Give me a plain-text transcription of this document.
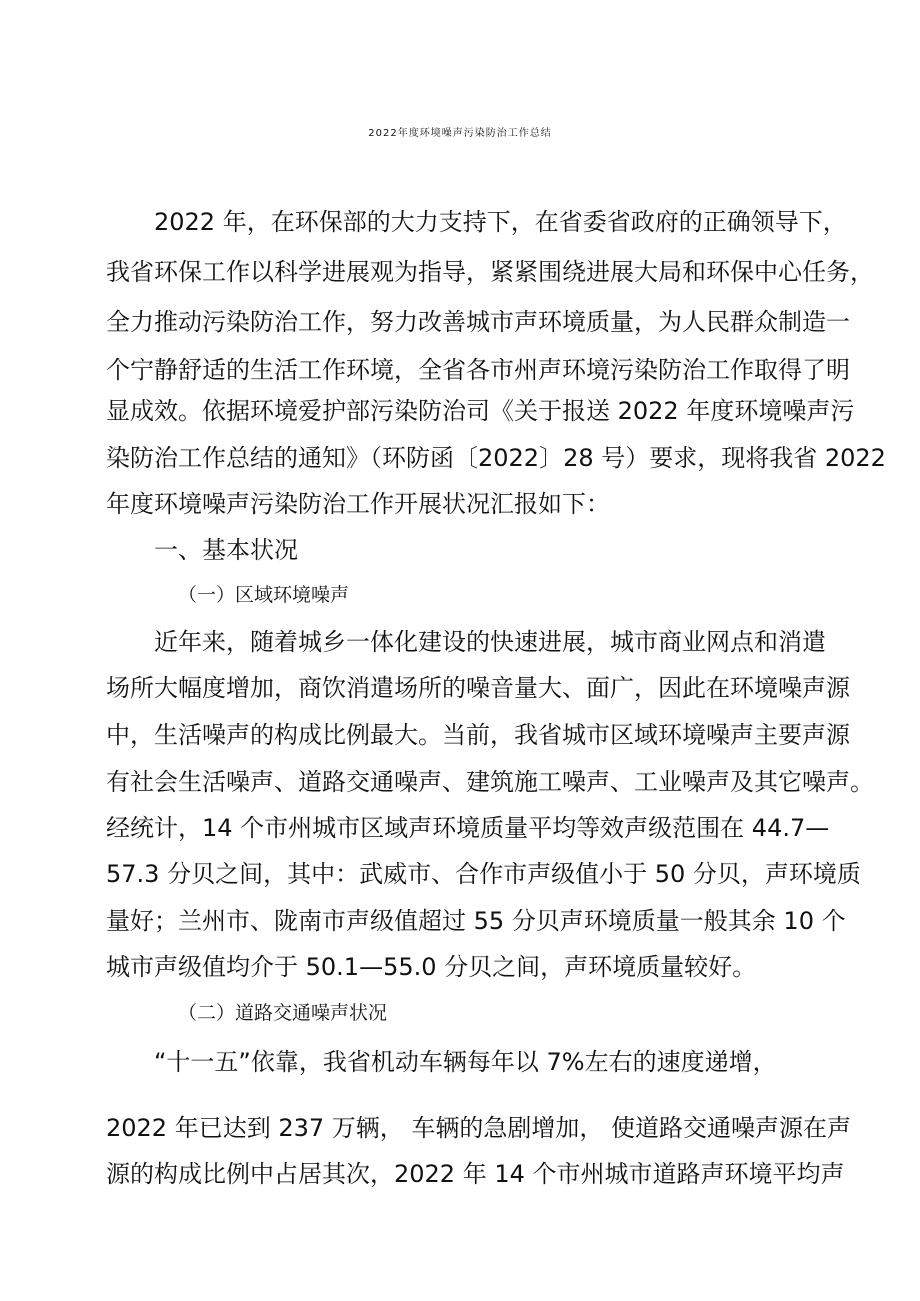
2022年度环境噪声污染防治工作总结
2022 年，在环保部的大力支持下，在省委省政府的正确领导下，
我省环保工作以科学进展观为指导，紧紧围绕进展大局和环保中心任务，
全力推动污染防治工作，努力改善城市声环境质量，为人民群众制造一
个宁静舒适的生活工作环境，全省各市州声环境污染防治工作取得了明
显成效。依据环境爱护部污染防治司《关于报送 2022 年度环境噪声污
染防治工作总结的通知》（环防函〔2022〕28 号）要求，现将我省 2022
年度环境噪声污染防治工作开展状况汇报如下：
一、基本状况
（一）区域环境噪声
近年来，随着城乡一体化建设的快速进展，城市商业网点和消遣
场所大幅度增加，商饮消遣场所的噪音量大、面广，因此在环境噪声源
中，生活噪声的构成比例最大。当前，我省城市区域环境噪声主要声源
有社会生活噪声、道路交通噪声、建筑施工噪声、工业噪声及其它噪声。
经统计，14 个市州城市区域声环境质量平均等效声级范围在 44.7—
57.3 分贝之间，其中：武威市、合作市声级值小于 50 分贝，声环境质
量好；兰州市、陇南市声级值超过 55 分贝声环境质量一般其余 10 个
城市声级值均介于 50.1—55.0 分贝之间，声环境质量较好。
（二）道路交通噪声状况
“十一五”依靠，我省机动车辆每年以 7%左右的速度递增，
2022 年已达到 237 万辆， 车辆的急剧增加， 使道路交通噪声源在声
源的构成比例中占居其次，2022 年 14 个市州城市道路声环境平均声
